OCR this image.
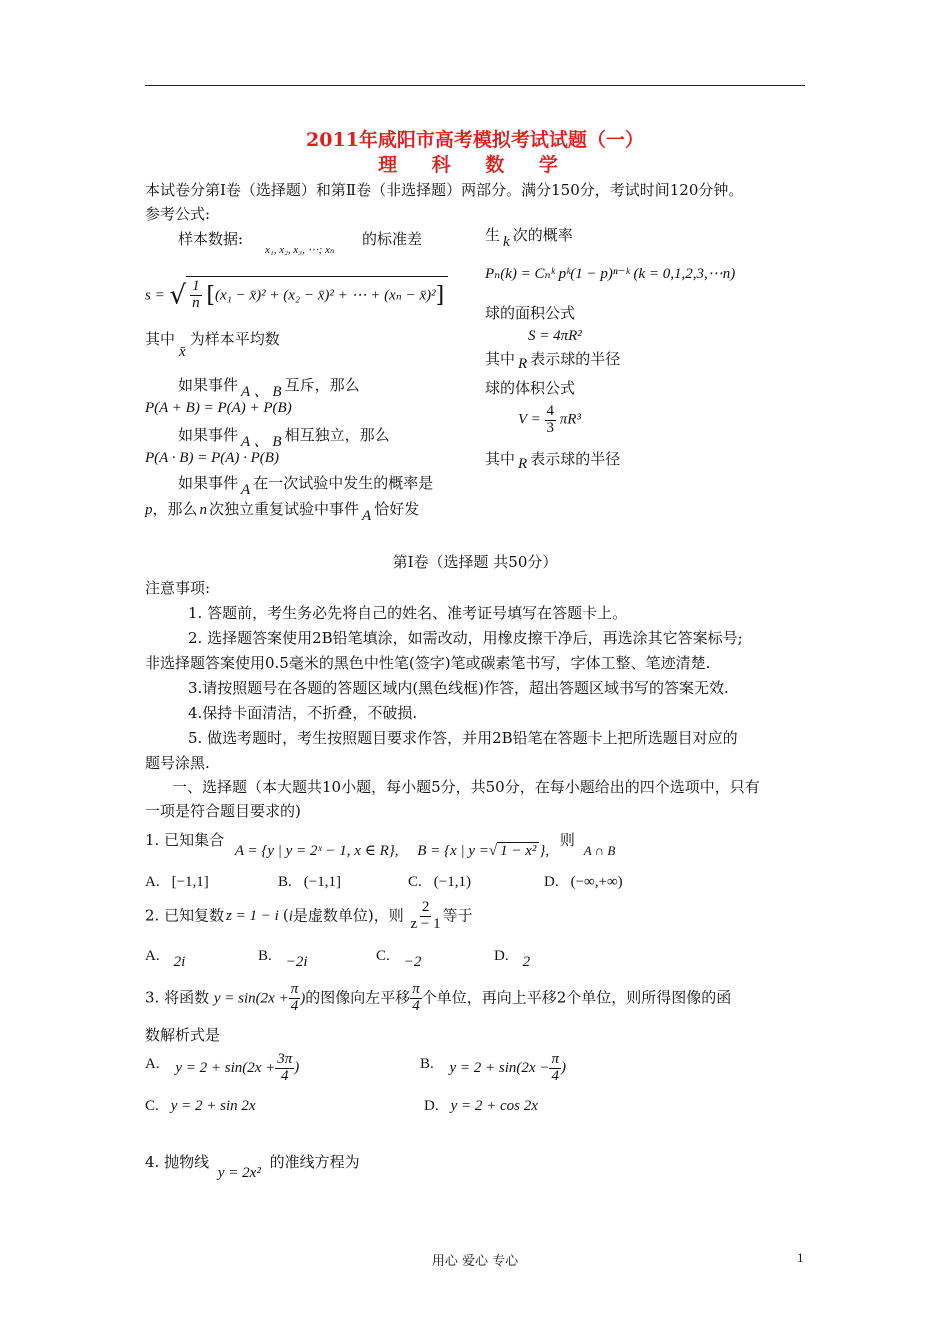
2011年咸阳市高考模拟考试试题（一）
理 科 数 学
本试卷分第Ⅰ卷（选择题）和第Ⅱ卷（非选择题）两部分。满分150分，考试时间120分钟。
参考公式:
样本数据:
x₁, x₂, x₃, ⋯; xₙ
的标准差
s = √ $\frac{1}{n} [(x_1$ − x̄)² + (x₂ − x̄)² + ⋯ + (xₙ − x̄)²]
其中x̄为样本平均数
如果事件 A 、 B 互斥，那么
P(A + B) = P(A) + P(B)
如果事件 A 、 B 相互独立，那么
P(A · B) = P(A) · P(B)
如果事件 A 在一次试验中发生的概率是
p，那么 n 次独立重复试验中事件 A 恰好发
生 k 次的概率
Pₙ(k) = Cₙᵏ pᵏ(1 − p)ⁿ⁻ᵏ (k = 0,1,2,3,⋯n)
球的面积公式
S = 4πR²
其中 R 表示球的半径
球的体积公式
$V = \frac{4}{3} \pi R^3$
其中 R 表示球的半径
第Ⅰ卷（选择题 共50分）
注意事项:
1. 答题前，考生务必先将自己的姓名、准考证号填写在答题卡上。
2. 选择题答案使用2B铅笔填涂，如需改动，用橡皮擦干净后，再选涂其它答案标号;
非选择题答案使用0.5毫米的黑色中性笔(签字)笔或碳素笔书写，字体工整、笔迹清楚.
3.请按照题号在各题的答题区域内(黑色线框)作答，超出答题区域书写的答案无效.
4.保持卡面清洁，不折叠，不破损.
5. 做选考题时，考生按照题目要求作答，并用2B铅笔在答题卡上把所选题目对应的
题号涂黑.
一、选择题（本大题共10小题，每小题5分，共50分，在每小题给出的四个选项中，只有
一项是符合题目要求的)
1. 已知集合 A = {y | y = 2ˣ − 1, x ∈ R}, B = {x | y =√ 1 − x² }, 则 A ∩ B
A. [−1,1]	B. (−1,1]	C. (−1,1)	D. (−∞,+∞)
2. 已知复数 z = 1 − i (i是虚数单位)，则 $\frac{2}{z - 1}$ 等于
A. 2i	B. −2i	C. −2	D. 2
3. 将函数 $y = \sin(2x + \frac{\pi}{4}$ )的图像向左平移 $\frac{\pi}{4}$ 个单位，再向上平移2个单位，则所得图像的函
数解析式是
A. $y = 2 + \sin(2x + \frac{3\pi}{4}$ )	B. $y = 2 + \sin(2x - \frac{\pi}{4}$ )
C. y = 2 + sin 2x	D. y = 2 + cos 2x
4. 抛物线 y = 2x² 的准线方程为
用心 爱心 专心	1
